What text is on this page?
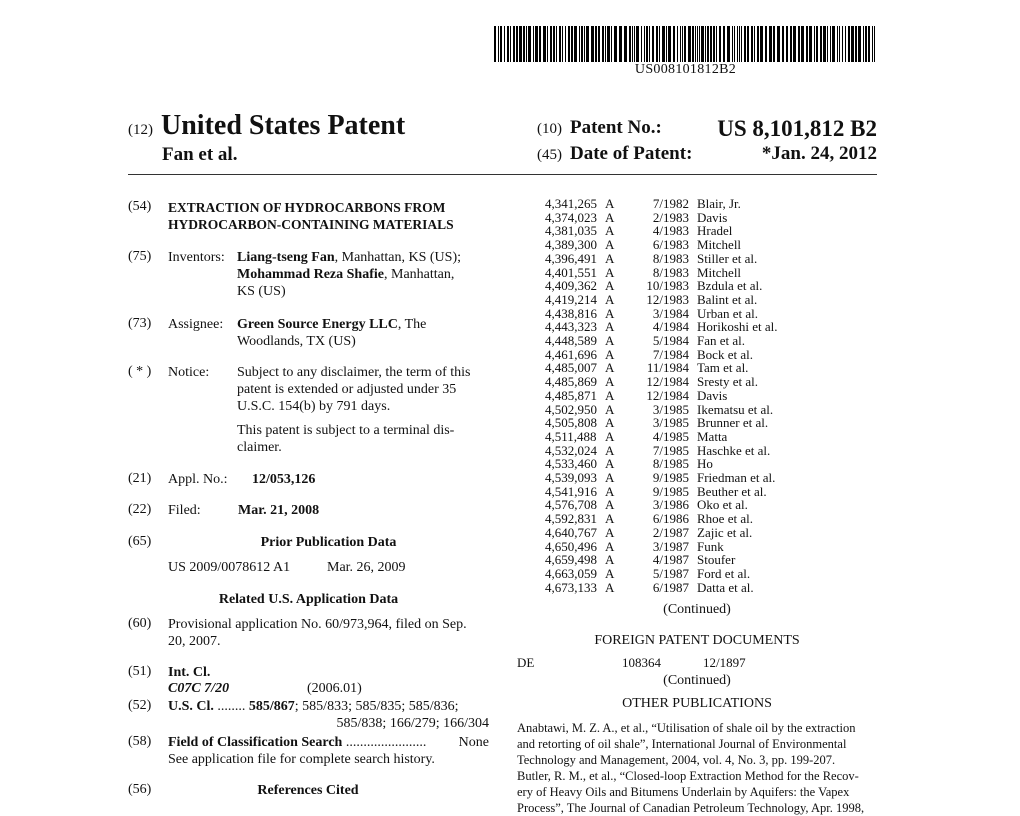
US008101812B2
(12) United States Patent
Fan et al.
(10) Patent No.: US 8,101,812 B2
(45) Date of Patent:	*Jan. 24, 2012
(54) EXTRACTION OF HYDROCARBONS FROM
HYDROCARBON-CONTAINING MATERIALS
(75) Inventors: Liang-tseng Fan, Manhattan, KS (US);
Mohammad Reza Shafie, Manhattan,
KS (US)
(73) Assignee: Green Source Energy LLC, The
Woodlands, TX (US)
( * ) Notice: Subject to any disclaimer, the term of this
patent is extended or adjusted under 35
U.S.C. 154(b) by 791 days.
This patent is subject to a terminal dis-
claimer.
(21) Appl. No.: 12/053,126
(22) Filed:	Mar. 21, 2008
(65)	Prior Publication Data
US 2009/0078612 A1	Mar. 26, 2009
Related U.S. Application Data
(60) Provisional application No. 60/973,964, filed on Sep.
20, 2007.
(51) Int. Cl.
C07C 7/20	(2006.01)
(52) U.S. Cl. ........ 585/867; 585/833; 585/835; 585/836;
585/838; 166/279; 166/304
(58) Field of Classification Search ....................... None
See application file for complete search history.
(56)	References Cited
4,341,265 A	7/1982 Blair, Jr.
4,374,023 A	2/1983 Davis
4,381,035 A	4/1983 Hradel
4,389,300 A	6/1983 Mitchell
4,396,491 A	8/1983 Stiller et al.
4,401,551 A	8/1983 Mitchell
4,409,362 A	10/1983 Bzdula et al.
4,419,214 A	12/1983 Balint et al.
4,438,816 A	3/1984 Urban et al.
4,443,323 A	4/1984 Horikoshi et al.
4,448,589 A	5/1984 Fan et al.
4,461,696 A	7/1984 Bock et al.
4,485,007 A	11/1984 Tam et al.
4,485,869 A	12/1984 Sresty et al.
4,485,871 A	12/1984 Davis
4,502,950 A	3/1985 Ikematsu et al.
4,505,808 A	3/1985 Brunner et al.
4,511,488 A	4/1985 Matta
4,532,024 A	7/1985 Haschke et al.
4,533,460 A	8/1985 Ho
4,539,093 A	9/1985 Friedman et al.
4,541,916 A	9/1985 Beuther et al.
4,576,708 A	3/1986 Oko et al.
4,592,831 A	6/1986 Rhoe et al.
4,640,767 A	2/1987 Zajic et al.
4,650,496 A	3/1987 Funk
4,659,498 A	4/1987 Stoufer
4,663,059 A	5/1987 Ford et al.
4,673,133 A	6/1987 Datta et al.
(Continued)
FOREIGN PATENT DOCUMENTS
DE	108364	12/1897
(Continued)
OTHER PUBLICATIONS
Anabtawi, M. Z. A., et al., “Utilisation of shale oil by the extraction
and retorting of oil shale”, International Journal of Environmental
Technology and Management, 2004, vol. 4, No. 3, pp. 199-207.
Butler, R. M., et al., “Closed-loop Extraction Method for the Recov-
ery of Heavy Oils and Bitumens Underlain by Aquifers: the Vapex
Process”, The Journal of Canadian Petroleum Technology, Apr. 1998,
